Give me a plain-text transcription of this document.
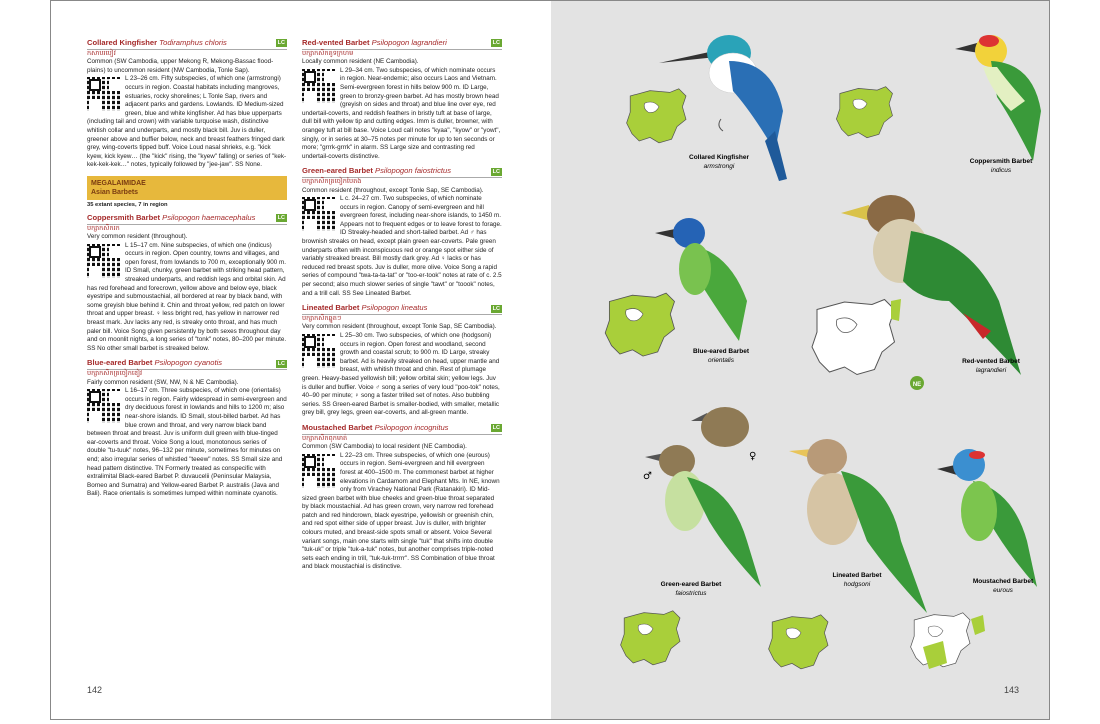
Collared Kingfisher Todiramphus chloris	LC
កសាបរបៀវ
Common (SW Cambodia, upper Mekong R, Mekong-Bassac flood-plains) to uncommon resident (NW Cambodia, Tonle Sap).
L 23–26 cm. Fifty subspecies, of which one (armstrongi) occurs in region. Coastal habitats including mangroves, estuaries, rocky shorelines; L Tonle Sap, rivers and adjacent parks and gardens. Lowlands. ID Medium-sized green, blue and white kingfisher. Ad has blue upperparts (including tail and crown) with variable turquoise wash, distinctive whitish collar and underparts, and mostly black bill. Juv is duller, greener above and buffier below, neck and breast feathers fringed dark grey, wing-coverts tipped buff. Voice Loud nasal shrieks, e.g. "kick kyew, kick kyew… (the "kick" rising, the "kyew" falling) or series of "kek-kek-kek-kek…" notes, typically followed by "jee-jaw". SS None.
MEGALAIMIDAE
Asian Barbets
35 extant species, 7 in region
Coppersmith Barbet Psilopogon haemacephalus	LC
បក្សាកសិករក
Very common resident (throughout).
L 15–17 cm. Nine subspecies, of which one (indicus) occurs in region. Open country, towns and villages, and open forest, from lowlands to 700 m, exceptionally 900 m. ID Small, chunky, green barbet with striking head pattern, streaked underparts, and reddish legs and orbital skin. Ad has red forehead and forecrown, yellow above and below eye, black eyestripe and submoustachial, all bordered at rear by black band, with some greyish blue behind it. Chin and throat yellow, red patch on lower throat and upper breast. ♀ less bright red, has yellow in narrower red breast mark. Juv lacks any red, is streaky onto throat, and has much paler bill. Voice Song given persistently by both sexes throughout day and on moonlit nights, a long series of "tonk" notes, 80–200 per minute. SS No other small barbet is streaked below.
Blue-eared Barbet Psilopogon cyanotis	LC
បក្សាកសិកត្រចៀកខៀវ
Fairly common resident (SW, NW, N & NE Cambodia).
L 16–17 cm. Three subspecies, of which one (orientalis) occurs in region. Fairly widespread in semi-evergreen and dry deciduous forest in lowlands and hills to 1200 m; also near-shore islands. ID Small, stout-billed barbet. Ad has blue crown and throat, and very narrow black band between throat and breast. Juv is uniform dull green with blue-tinged ear-coverts and throat. Voice Song a loud, monotonous series of double "tu-tuuk" notes, 96–132 per minute, sometimes for minutes on end; also irregular series of whistled "teeew" notes. SS Small size and head pattern distinctive. TN Formerly treated as conspecific with extralimital Black-eared Barbet P. duvaucelii (Peninsular Malaysia, Borneo and Sumatra) and Yellow-eared Barbet P. australis (Java and Bali). Race orientalis is sometimes lumped within nominate cyanotis.
Red-vented Barbet Psilopogon lagrandieri	LC
បក្សាកសិកគូទក្រហម
Locally common resident (NE Cambodia).
L 29–34 cm. Two subspecies, of which nominate occurs in region. Near-endemic; also occurs Laos and Vietnam. Semi-evergreen forest in hills below 900 m. ID Large, green to bronzy-green barbet. Ad has mostly brown head (greyish on sides and throat) and blue line over eye, red undertail-coverts, and reddish feathers in bristly tuft at base of large, dull bill with yellow tip and cutting edges. Imm is duller, browner, with orangey tuft at bill base. Voice Loud call notes "kyaa", "kyow" or "yowt", singly, or in series at 30–75 notes per minute for up to ten seconds or more; "grrrk-grrrk" in alarm. SS Large size and contrasting red undertail-coverts distinctive.
Green-eared Barbet Psilopogon faiostrictus	LC
បក្សាកសិកត្រចៀកបៃតង
Common resident (throughout, except Tonle Sap, SE Cambodia).
L c. 24–27 cm. Two subspecies, of which nominate occurs in region. Canopy of semi-evergreen and hill evergreen forest, including near-shore islands, to 1450 m. Appears not to frequent edges or to leave forest to forage. ID Streaky-headed and short-tailed barbet. Ad ♂ has brownish streaks on head, except plain green ear-coverts. Pale green underparts often with inconspicuous red or orange spot either side of variably streaked breast. Bill mostly dark grey. Ad ♀ lacks or has reduced red breast spots. Juv is duller, more olive. Voice Song a rapid series of compound "twa-ta-ta-tat" or "too-er-took" notes at rate of c. 2.5 per second; also much slower series of single "tawt" or "toook" notes, and a trill call. SS See Lineated Barbet.
Lineated Barbet Psilopogon lineatus	LC
បក្សាកសិកឆ្នូតៗ
Very common resident (throughout, except Tonle Sap, SE Cambodia).
L 25–30 cm. Two subspecies, of which one (hodgsoni) occurs in region. Open forest and woodland, second growth and coastal scrub; to 900 m. ID Large, streaky barbet. Ad is heavily streaked on head, upper mantle and breast, with whitish throat and chin. Rest of plumage green. Heavy-based yellowish bill; yellow orbital skin; yellow legs. Juv is duller and buffier. Voice ♂ song a series of very loud "poo-tok" notes, 40–90 per minute; ♀ song a faster trilled set of notes. Also bubbling series. SS Green-eared Barbet is smaller-bodied, with smaller, metallic grey bill, grey legs, green ear-coverts, and all-green mantle.
Moustached Barbet Psilopogon incognitus	LC
បក្សាកសិកពុកមាត់
Common (SW Cambodia) to local resident (NE Cambodia).
L 22–23 cm. Three subspecies, of which one (eurous) occurs in region. Semi-evergreen and hill evergreen forest at 400–1500 m. The commonest barbet at higher elevations in Cardamom and Elephant Mts. In NE, known only from Virachey National Park (Ratanakiri). ID Mid-sized green barbet with blue cheeks and green-blue throat separated by black moustachial. Ad has green crown, very narrow red forehead patch and red hindcrown, black eyestripe, yellowish or greenish chin, and red spot either side of upper breast. Juv is duller, with brighter colours muted, and breast-side spots small or absent. Voice Several variant songs, main one starts with single "tuk" that shifts into double "tuk-uk" or triple "tuk-a-tuk" notes, but another comprises triple-noted sets each ending in trill, "tuk-tuk-trrrrr". SS Combination of blue throat and black moustachial is distinctive.
142
Collared Kingfisher
armstrongi
Coppersmith Barbet
indicus
Blue-eared Barbet
orientalis
NE
Red-vented Barbet
lagrandieri
♂
♀
Green-eared Barbet
faiostrictus
Lineated Barbet
hodgsoni	Moustached Barbet
eurous
143
